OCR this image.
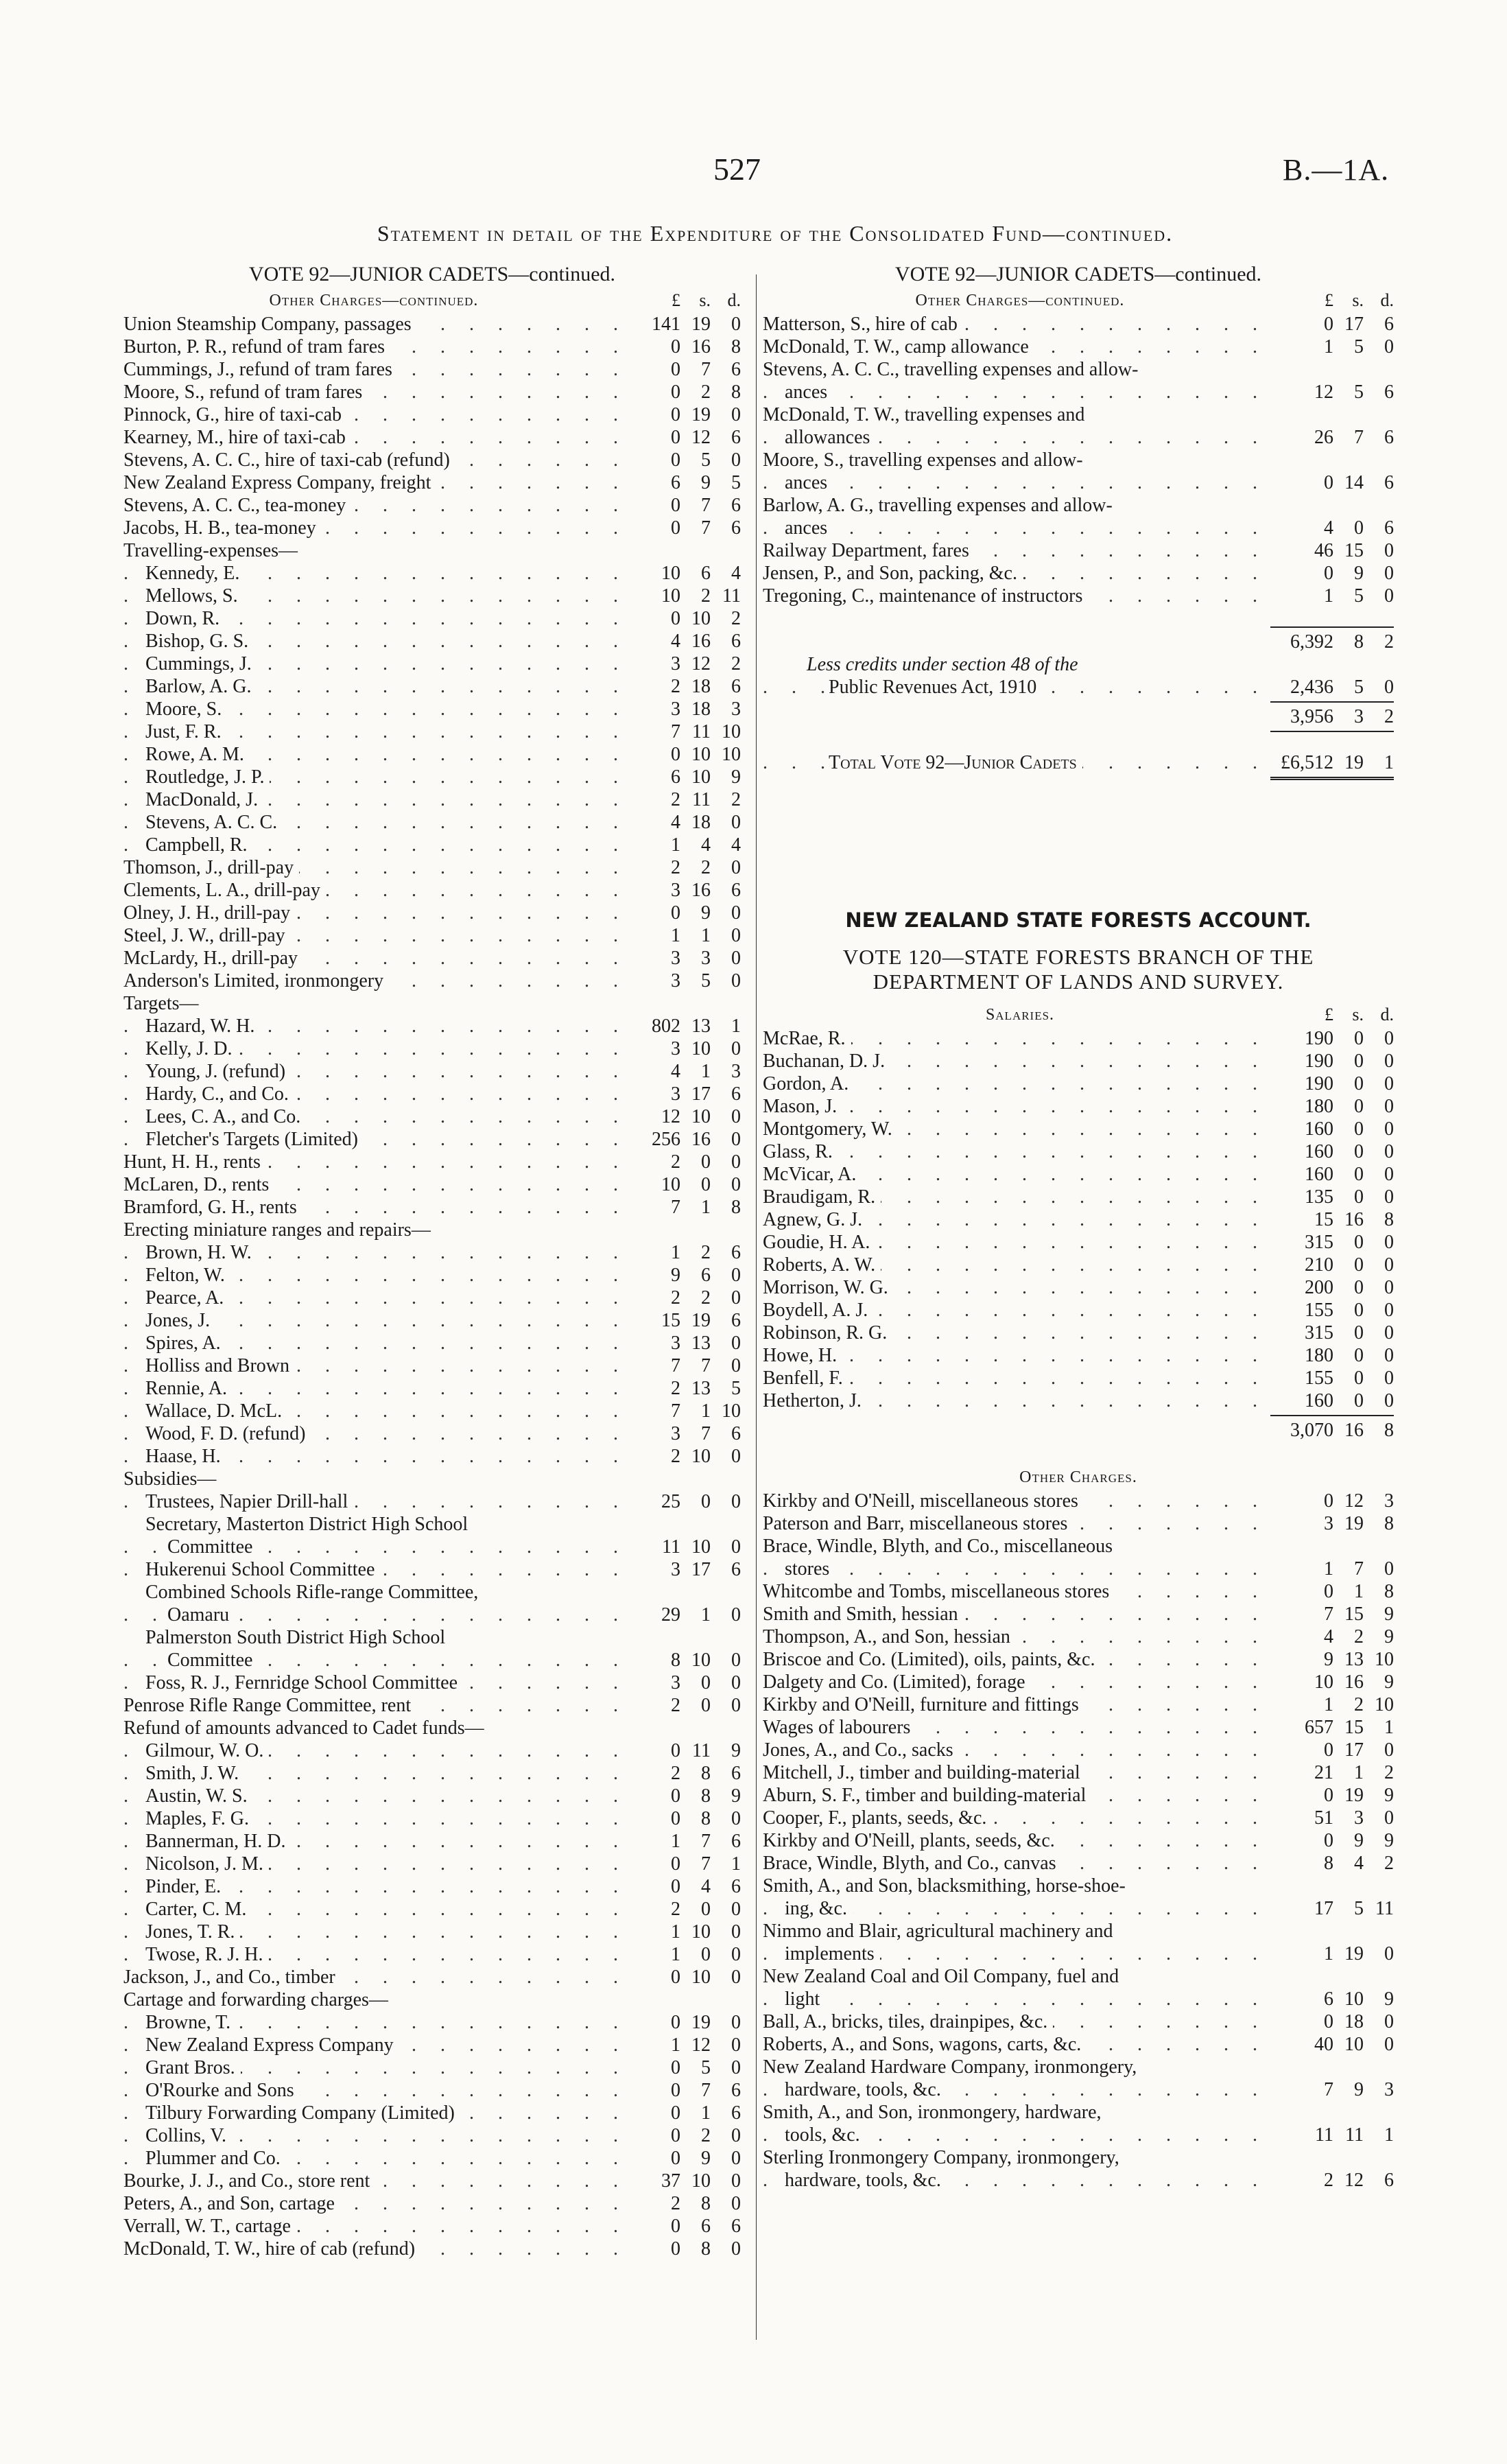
527	B.—1A.
Statement in detail of the Expenditure of the Consolidated Fund—continued.
VOTE 92—JUNIOR CADETS—continued.
Other Charges—continued.	£	s. d.
Union Steamship Company, passages . . .	141 19	0
Burton, P. R., refund of tram fares . . .	0 16	8
Cummings, J., refund of tram fares . . .	0	7	6
Moore, S., refund of tram fares . . .	0	2	8
Pinnock, G., hire of taxi-cab . . .	0 19	0
Kearney, M., hire of taxi-cab . . .	0 12	6
Stevens, A. C. C., hire of taxi-cab (refund) . . .	0	5	0
New Zealand Express Company, freight . . .	6	9	5
Stevens, A. C. C., tea-money . . .	0	7	6
Jacobs, H. B., tea-money . . .	0	7	6
Travelling-expenses—
Kennedy, E. . . .	10	6	4
Mellows, S. . . .	10	2 11
Down, R. . . .	0 10	2
Bishop, G. S. . . .	4 16	6
Cummings, J. . . .	3 12	2
Barlow, A. G. . . .	2 18	6
Moore, S. . . .	3 18	3
Just, F. R. . . .	7 11 10
Rowe, A. M. . . .	0 10 10
Routledge, J. P. . . .	6 10	9
MacDonald, J. . . .	2 11	2
Stevens, A. C. C. . . .	4 18	0
Campbell, R. . . .	1	4	4
Thomson, J., drill-pay . . .	2	2	0
Clements, L. A., drill-pay . . .	3 16	6
Olney, J. H., drill-pay . . .	0	9	0
Steel, J. W., drill-pay . . .	1	1	0
McLardy, H., drill-pay . . .	3	3	0
Anderson's Limited, ironmongery . . .	3	5	0
Targets—
Hazard, W. H. . . .	802 13	1
Kelly, J. D. . . .	3 10	0
Young, J. (refund) . . .	4	1	3
Hardy, C., and Co. . . .	3 17	6
Lees, C. A., and Co. . . .	12 10	0
Fletcher's Targets (Limited) . . .	256 16	0
Hunt, H. H., rents . . .	2	0	0
McLaren, D., rents . . .	10	0	0
Bramford, G. H., rents . . .	7	1	8
Erecting miniature ranges and repairs—
Brown, H. W. . . .	1	2	6
Felton, W. . . .	9	6	0
Pearce, A. . . .	2	2	0
Jones, J. . . .	15 19	6
Spires, A. . . .	3 13	0
Holliss and Brown . . .	7	7	0
Rennie, A. . . .	2 13	5
Wallace, D. McL. . . .	7	1 10
Wood, F. D. (refund) . . .	3	7	6
Haase, H. . . .	2 10	0
Subsidies—
Trustees, Napier Drill-hall . . .	25	0	0
Secretary, Masterton District High School
Committee . . .	11 10	0
Hukerenui School Committee . . .	3 17	6
Combined Schools Rifle-range Committee,
Oamaru . . .	29	1	0
Palmerston South District High School
Committee . . .	8 10	0
Foss, R. J., Fernridge School Committee . . .	3	0	0
Penrose Rifle Range Committee, rent . . .	2	0	0
Refund of amounts advanced to Cadet funds—
Gilmour, W. O. . . .	0 11	9
Smith, J. W. . . .	2	8	6
Austin, W. S. . . .	0	8	9
Maples, F. G. . . .	0	8	0
Bannerman, H. D. . . .	1	7	6
Nicolson, J. M. . . .	0	7	1
Pinder, E. . . .	0	4	6
Carter, C. M. . . .	2	0	0
Jones, T. R. . . .	1 10	0
Twose, R. J. H. . . .	1	0	0
Jackson, J., and Co., timber . . .	0 10	0
Cartage and forwarding charges—
Browne, T. . . .	0 19	0
New Zealand Express Company . . .	1 12	0
Grant Bros. . . .	0	5	0
O'Rourke and Sons . . .	0	7	6
Tilbury Forwarding Company (Limited) . . .	0	1	6
Collins, V. . . .	0	2	0
Plummer and Co. . . .	0	9	0
Bourke, J. J., and Co., store rent . . .	37 10	0
Peters, A., and Son, cartage . . .	2	8	0
Verrall, W. T., cartage . . .	0	6	6
McDonald, T. W., hire of cab (refund) . . .	0	8	0
VOTE 92—JUNIOR CADETS—continued.
Other Charges—continued.	£	s. d.
Matterson, S., hire of cab . . .	0 17	6
McDonald, T. W., camp allowance . . .	1	5	0
Stevens, A. C. C., travelling expenses and allow-
ances . . .	12	5	6
McDonald, T. W., travelling expenses and
allowances . . .	26	7	6
Moore, S., travelling expenses and allow-
ances . . .	0 14	6
Barlow, A. G., travelling expenses and allow-
ances . . .	4	0	6
Railway Department, fares . . .	46 15	0
Jensen, P., and Son, packing, &c. . . .	0	9	0
Tregoning, C., maintenance of instructors . . .	1	5	0
6,392	8	2
Less credits under section 48 of the
Public Revenues Act, 1910 . . .	2,436	5	0
3,956	3	2
Total Vote 92—Junior Cadets . . .	£6,512 19	1
NEW ZEALAND STATE FORESTS ACCOUNT.
VOTE 120—STATE FORESTS BRANCH OF THE
DEPARTMENT OF LANDS AND SURVEY.
Salaries.	£	s. d.
McRae, R. . . .	190	0	0
Buchanan, D. J. . . .	190	0	0
Gordon, A. . . .	190	0	0
Mason, J. . . .	180	0	0
Montgomery, W. . . .	160	0	0
Glass, R. . . .	160	0	0
McVicar, A. . . .	160	0	0
Braudigam, R. . . .	135	0	0
Agnew, G. J. . . .	15 16	8
Goudie, H. A. . . .	315	0	0
Roberts, A. W. . . .	210	0	0
Morrison, W. G. . . .	200	0	0
Boydell, A. J. . . .	155	0	0
Robinson, R. G. . . .	315	0	0
Howe, H. . . .	180	0	0
Benfell, F. . . .	155	0	0
Hetherton, J. . . .	160	0	0
3,070 16	8
Other Charges.
Kirkby and O'Neill, miscellaneous stores . . .	0 12	3
Paterson and Barr, miscellaneous stores . . .	3 19	8
Brace, Windle, Blyth, and Co., miscellaneous
stores . . .	1	7	0
Whitcombe and Tombs, miscellaneous stores . . .	0	1	8
Smith and Smith, hessian . . .	7 15	9
Thompson, A., and Son, hessian . . .	4	2	9
Briscoe and Co. (Limited), oils, paints, &c. . . .	9 13 10
Dalgety and Co. (Limited), forage . . .	10 16	9
Kirkby and O'Neill, furniture and fittings . . .	1	2 10
Wages of labourers . . .	657 15	1
Jones, A., and Co., sacks . . .	0 17	0
Mitchell, J., timber and building-material . . .	21	1	2
Aburn, S. F., timber and building-material . . .	0 19	9
Cooper, F., plants, seeds, &c. . . .	51	3	0
Kirkby and O'Neill, plants, seeds, &c. . . .	0	9	9
Brace, Windle, Blyth, and Co., canvas . . .	8	4	2
Smith, A., and Son, blacksmithing, horse-shoe-
ing, &c. . . .	17	5 11
Nimmo and Blair, agricultural machinery and
implements . . .	1 19	0
New Zealand Coal and Oil Company, fuel and
light . . .	6 10	9
Ball, A., bricks, tiles, drainpipes, &c. . . .	0 18	0
Roberts, A., and Sons, wagons, carts, &c. . . .	40 10	0
New Zealand Hardware Company, ironmongery,
hardware, tools, &c. . . .	7	9	3
Smith, A., and Son, ironmongery, hardware,
tools, &c. . . .	11 11	1
Sterling Ironmongery Company, ironmongery,
hardware, tools, &c. . . .	2 12	6
